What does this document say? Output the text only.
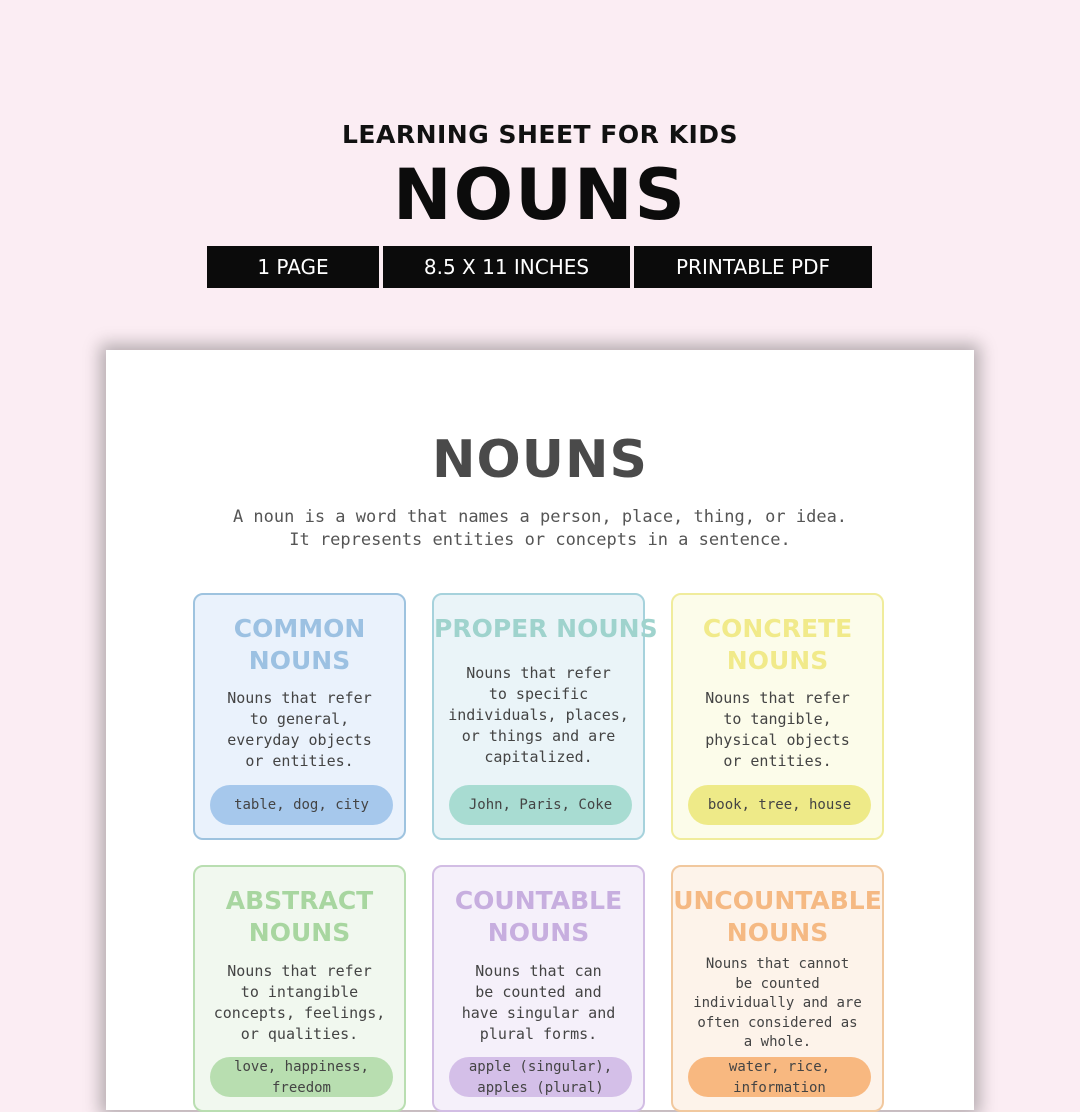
LEARNING SHEET FOR KIDS
NOUNS
1 PAGE	8.5 X 11 INCHES	PRINTABLE PDF
NOUNS
A noun is a word that names a person, place, thing, or idea.
It represents entities or concepts in a sentence.
COMMON
NOUNS
Nouns that refer
to general,
everyday objects
or entities.
table, dog, city
PROPER NOUNS
Nouns that refer
to specific
individuals, places,
or things and are
capitalized.
John, Paris, Coke
CONCRETE
NOUNS
Nouns that refer
to tangible,
physical objects
or entities.
book, tree, house
ABSTRACT
NOUNS
Nouns that refer
to intangible
concepts, feelings,
or qualities.
love, happiness,
freedom
COUNTABLE
NOUNS
Nouns that can
be counted and
have singular and
plural forms.
apple (singular),
apples (plural)
UNCOUNTABLE
NOUNS
Nouns that cannot
be counted
individually and are
often considered as
a whole.
water, rice,
information
